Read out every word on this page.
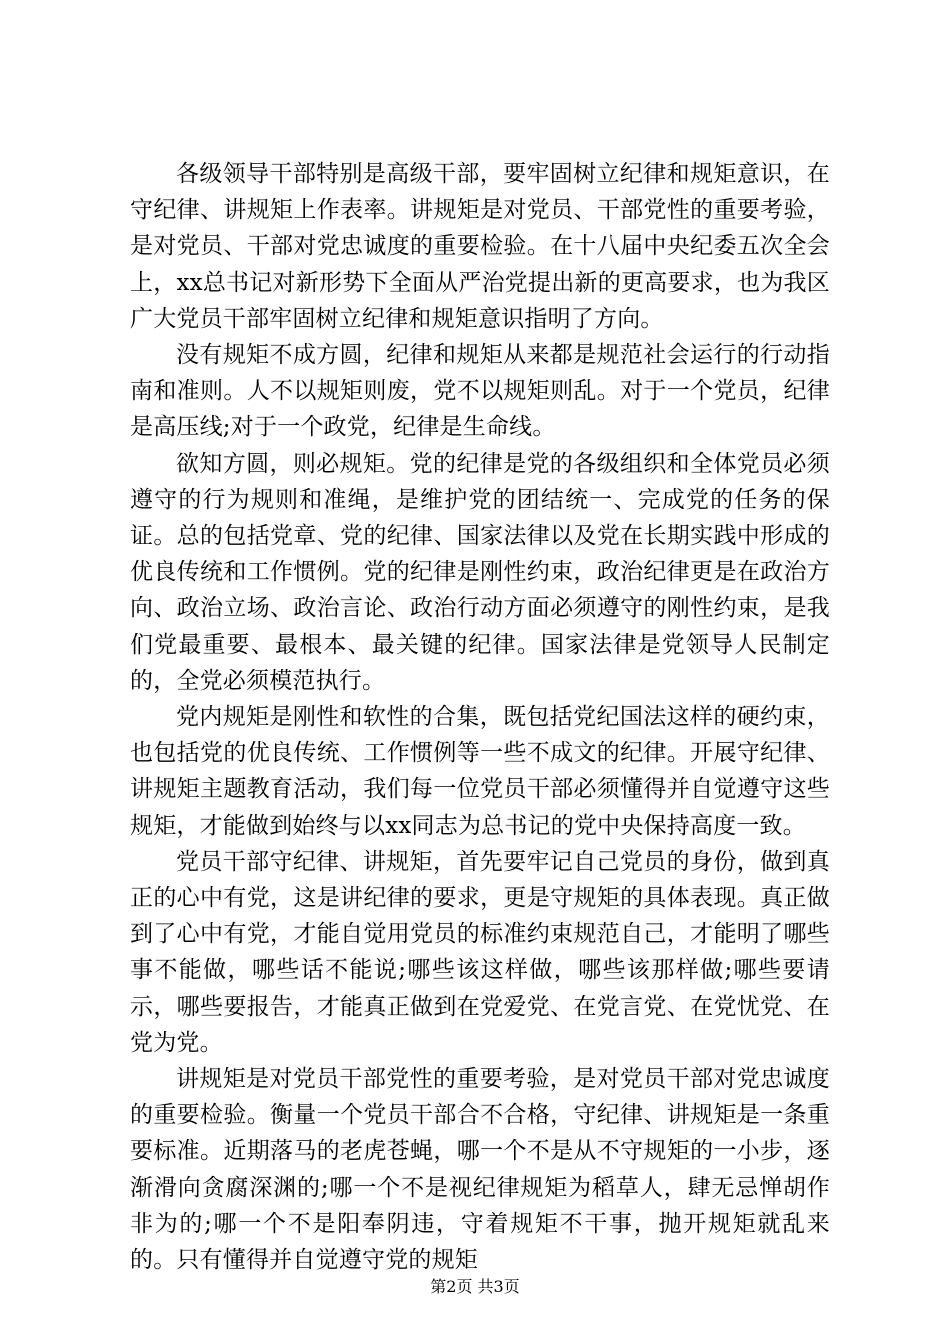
各级领导干部特别是高级干部，要牢固树立纪律和规矩意识，在守纪律、讲规矩上作表率。讲规矩是对党员、干部党性的重要考验，是对党员、干部对党忠诚度的重要检验。在十八届中央纪委五次全会上，xx总书记对新形势下全面从严治党提出新的更高要求，也为我区广大党员干部牢固树立纪律和规矩意识指明了方向。

没有规矩不成方圆，纪律和规矩从来都是规范社会运行的行动指南和准则。人不以规矩则废，党不以规矩则乱。对于一个党员，纪律是高压线;对于一个政党，纪律是生命线。

欲知方圆，则必规矩。党的纪律是党的各级组织和全体党员必须遵守的行为规则和准绳，是维护党的团结统一、完成党的任务的保证。总的包括党章、党的纪律、国家法律以及党在长期实践中形成的优良传统和工作惯例。党的纪律是刚性约束，政治纪律更是在政治方向、政治立场、政治言论、政治行动方面必须遵守的刚性约束，是我们党最重要、最根本、最关键的纪律。国家法律是党领导人民制定的，全党必须模范执行。

党内规矩是刚性和软性的合集，既包括党纪国法这样的硬约束，也包括党的优良传统、工作惯例等一些不成文的纪律。开展守纪律、讲规矩主题教育活动，我们每一位党员干部必须懂得并自觉遵守这些规矩，才能做到始终与以xx同志为总书记的党中央保持高度一致。

党员干部守纪律、讲规矩，首先要牢记自己党员的身份，做到真正的心中有党，这是讲纪律的要求，更是守规矩的具体表现。真正做到了心中有党，才能自觉用党员的标准约束规范自己，才能明了哪些事不能做，哪些话不能说;哪些该这样做，哪些该那样做;哪些要请示，哪些要报告，才能真正做到在党爱党、在党言党、在党忧党、在党为党。

讲规矩是对党员干部党性的重要考验，是对党员干部对党忠诚度的重要检验。衡量一个党员干部合不合格，守纪律、讲规矩是一条重要标准。近期落马的老虎苍蝇，哪一个不是从不守规矩的一小步，逐渐滑向贪腐深渊的;哪一个不是视纪律规矩为稻草人，肆无忌惮胡作非为的;哪一个不是阳奉阴违，守着规矩不干事，抛开规矩就乱来的。只有懂得并自觉遵守党的规矩

第2页 共3页
